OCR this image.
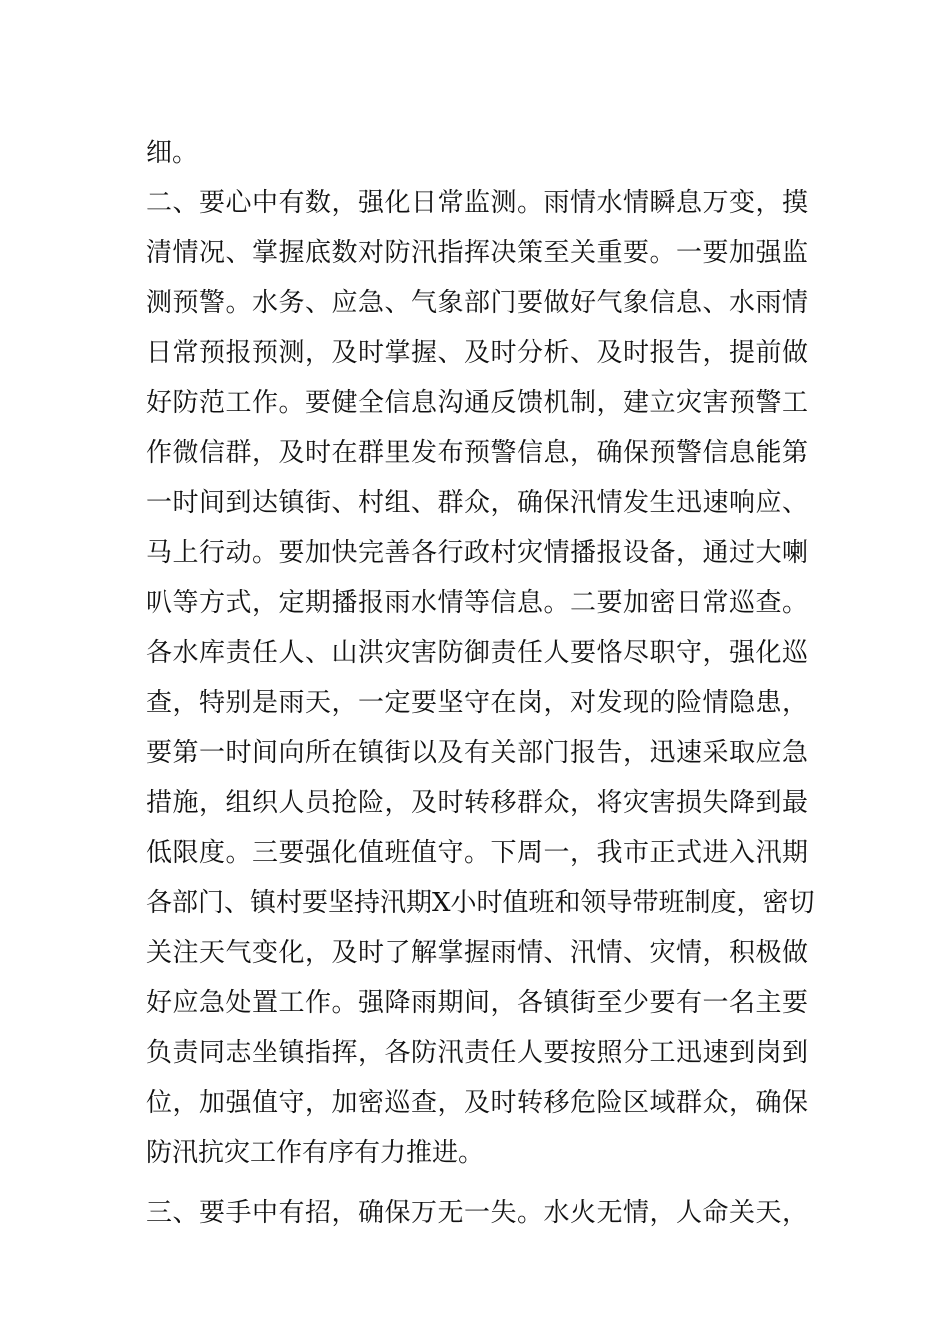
细。
二、要心中有数，强化日常监测。雨情水情瞬息万变，摸
清情况、掌握底数对防汛指挥决策至关重要。一要加强监
测预警。水务、应急、气象部门要做好气象信息、水雨情
日常预报预测，及时掌握、及时分析、及时报告，提前做
好防范工作。要健全信息沟通反馈机制，建立灾害预警工
作微信群，及时在群里发布预警信息，确保预警信息能第
一时间到达镇街、村组、群众，确保汛情发生迅速响应、
马上行动。要加快完善各行政村灾情播报设备，通过大喇
叭等方式，定期播报雨水情等信息。二要加密日常巡查。
各水库责任人、山洪灾害防御责任人要恪尽职守，强化巡
查，特别是雨天，一定要坚守在岗，对发现的险情隐患，
要第一时间向所在镇街以及有关部门报告，迅速采取应急
措施，组织人员抢险，及时转移群众，将灾害损失降到最
低限度。三要强化值班值守。下周一，我市正式进入汛期
各部门、镇村要坚持汛期X小时值班和领导带班制度，密切
关注天气变化，及时了解掌握雨情、汛情、灾情，积极做
好应急处置工作。强降雨期间，各镇街至少要有一名主要
负责同志坐镇指挥，各防汛责任人要按照分工迅速到岗到
位，加强值守，加密巡查，及时转移危险区域群众，确保
防汛抗灾工作有序有力推进。
三、要手中有招，确保万无一失。水火无情，人命关天，
